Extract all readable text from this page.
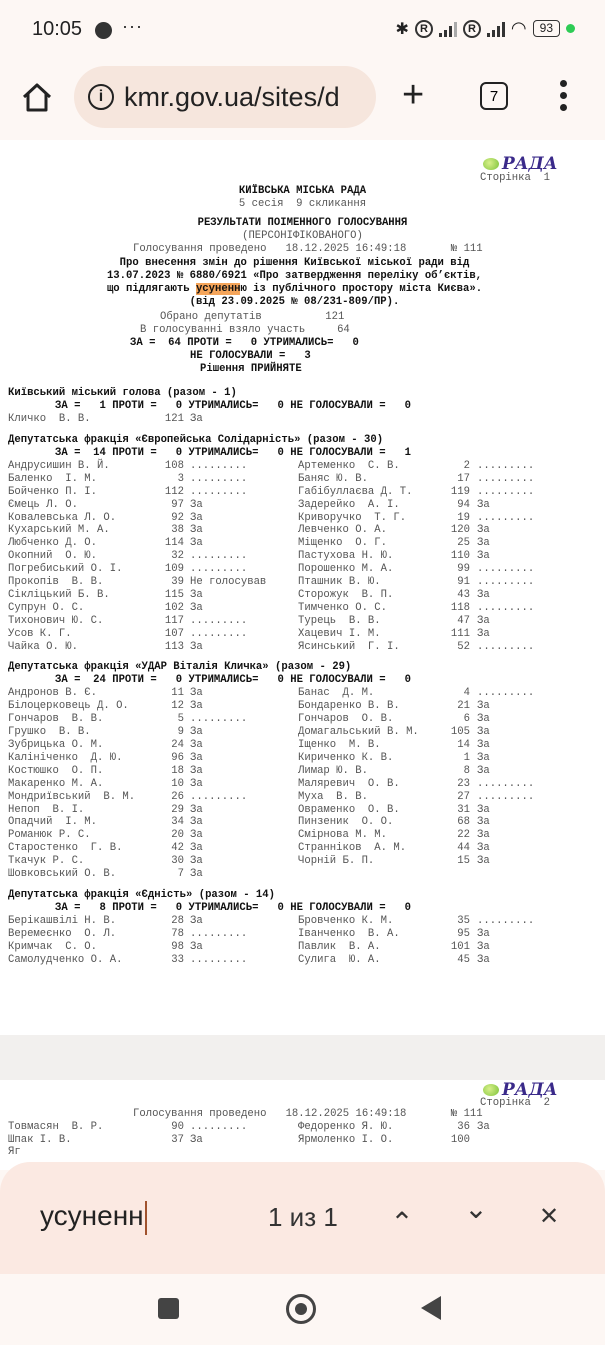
10:05 ···	✱	R	R ◠	93
i kmr.gov.ua/sites/d +	7
РАДА
Сторінка  1
КИЇВСЬКА МІСЬКА РАДА
5 сесія  9 скликання
РЕЗУЛЬТАТИ ПОІМЕННОГО ГОЛОСУВАННЯ
(ПЕРСОНІФІКОВАНОГО)
Голосування проведено   18.12.2025 16:49:18       № 111
Про внесення змін до рішення Київської міської ради від
13.07.2023 № 6880/6921 «Про затвердження переліку об’єктів,
що підлягають усуненню із публічного простору міста Києва».
(від 23.09.2025 № 08/231-809/ПР).
Обрано депутатів          121
В голосуванні взяло участь     64
ЗА =  64 ПРОТИ =   0 УТРИМАЛИСЬ=   0
НЕ ГОЛОСУВАЛИ =   3
Рішення ПРИЙНЯТЕ
Київський міський голова (разом - 1)
ЗА =   1 ПРОТИ =   0 УТРИМАЛИСЬ=   0 НЕ ГОЛОСУВАЛИ =   0
Кличко  В. В.	121 За
Депутатська фракція «Європейська Солідарність» (разом - 30)
ЗА =  14 ПРОТИ =   0 УТРИМАЛИСЬ=   0 НЕ ГОЛОСУВАЛИ =   1
Андрусишин В. Й.	108 .........	Артеменко  С. В.	2 .........
Баленко  І. М.	3 .........	Баняс Ю. В.	17 .........
Бойченко П. І.	112 .........	Габібуллаєва Д. Т.	119 .........
Ємець Л. О.	97 За	Задерейко  А. І.	94 За
Ковалевська Л. О.	92 За	Криворучко  Т. Г.	19 .........
Кухарський М. А.	38 За	Левченко О. А.	120 За
Любченко Д. О.	114 За	Міщенко  О. Г.	25 За
Окопний  О. Ю.	32 .........	Пастухова Н. Ю.	110 За
Погребиський О. І.	109 .........	Порошенко М. А.	99 .........
Прокопів  В. В.	39 Не голосував	Пташник В. Ю.	91 .........
Сікліцький Б. В.	115 За	Сторожук  В. П.	43 За
Супрун О. С.	102 За	Тимченко О. С.	118 .........
Тихонович Ю. С.	117 .........	Турець  В. В.	47 За
Усов К. Г.	107 .........	Хацевич І. М.	111 За
Чайка О. Ю.	113 За	Ясинський  Г. І.	52 .........
Депутатська фракція «УДАР Віталія Кличка» (разом - 29)
ЗА =  24 ПРОТИ =   0 УТРИМАЛИСЬ=   0 НЕ ГОЛОСУВАЛИ =   0
Андронов В. Є.	11 За	Банас  Д. М.	4 .........
Білоцерковець Д. О.	12 За	Бондаренко В. В.	21 За
Гончаров  В. В.	5 .........	Гончаров  О. В.	6 За
Грушко  В. В.	9 За	Домагальський В. М.	105 За
Зубрицька О. М.	24 За	Іщенко  М. В.	14 За
Калініченко  Д. Ю.	96 За	Кириченко К. В.	1 За
Костюшко  О. П.	18 За	Лимар Ю. В.	8 За
Макаренко М. А.	10 За	Маляревич  О. В.	23 .........
Мондриївський  В. М.	26 .........	Муха  В. В.	27 .........
Непоп  В. І.	29 За	Овраменко  О. В.	31 За
Опадчий  І. М.	34 За	Пинзеник  О. О.	68 За
Романюк Р. С.	20 За	Смірнова М. М.	22 За
Старостенко  Г. В.	42 За	Странніков  А. М.	44 За
Ткачук Р. С.	30 За	Чорній Б. П.	15 За
Шовковський О. В.	7 За
Депутатська фракція «Єдність» (разом - 14)
ЗА =   8 ПРОТИ =   0 УТРИМАЛИСЬ=   0 НЕ ГОЛОСУВАЛИ =   0
Берікашвілі Н. В.	28 За	Бровченко К. М.	35 .........
Веремеєнко  О. Л.	78 .........	Іванченко  В. А.	95 За
Кримчак  С. О.	98 За	Павлик  В. А.	101 За
Самолудченко О. А.	33 .........	Сулига  Ю. А.	45 За
РАДА
Сторінка  2
Голосування проведено   18.12.2025 16:49:18       № 111
Товмасян  В. Р.	90 .........	Федоренко Я. Ю.	36 За
Шпак І. В.	37 За	Ярмоленко І. О.	100
Яг
усуненн	1 из 1 ⌃ ⌄	✕
